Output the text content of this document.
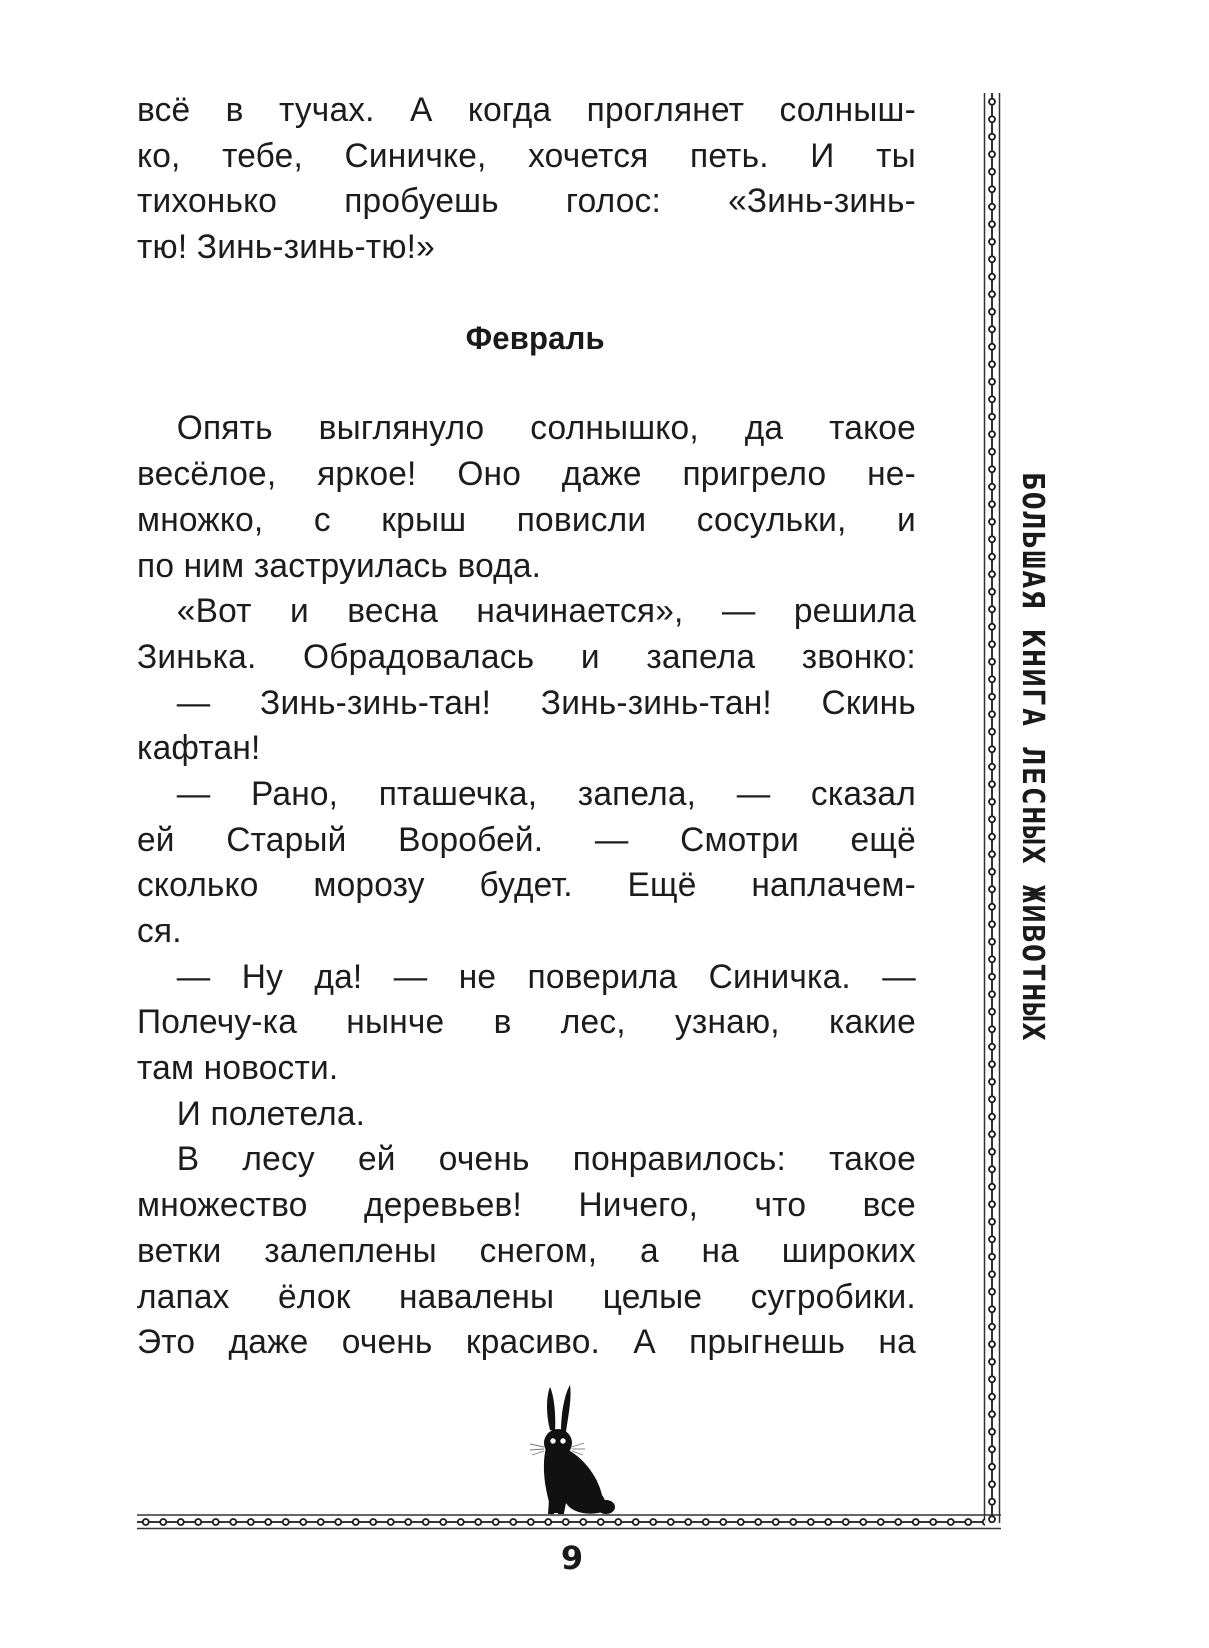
всё в тучах. А когда проглянет солныш-
ко, тебе, Синичке, хочется петь. И ты
тихонько пробуешь голос: «Зинь-зинь-
тю! Зинь-зинь-тю!»
Февраль
Опять выглянуло солнышко, да такое
весёлое, яркое! Оно даже пригрело не-
множко, с крыш повисли сосульки, и
по ним заструилась вода.
«Вот и весна начинается», — решила
Зинька. Обрадовалась и запела звонко:
— Зинь-зинь-тан! Зинь-зинь-тан! Скинь
кафтан!
— Рано, пташечка, запела, — сказал
ей Старый Воробей. — Смотри ещё
сколько морозу будет. Ещё наплачем-
ся.
— Ну да! — не поверила Синичка. —
Полечу-ка нынче в лес, узнаю, какие
там новости.
И полетела.
В лесу ей очень понравилось: такое
множество деревьев! Ничего, что все
ветки залеплены снегом, а на широких
лапах ёлок навалены целые сугробики.
Это даже очень красиво. А прыгнешь на
БОЛЬШАЯ КНИГА ЛЕСНЫХ ЖИВОТНЫХ
9
